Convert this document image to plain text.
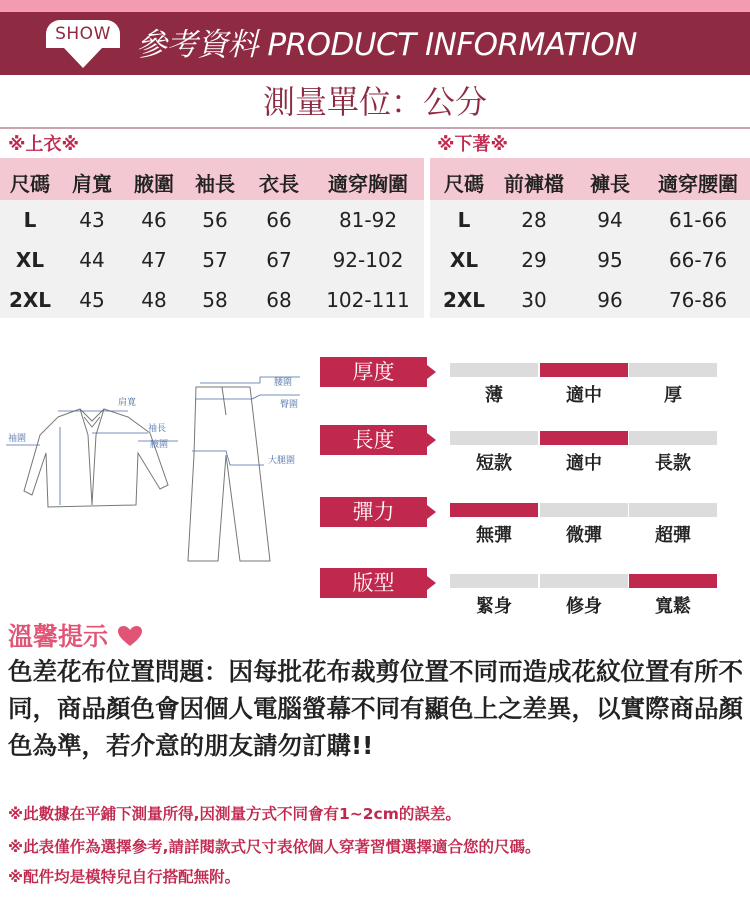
SHOW 參考資料 PRODUCT INFORMATION
測量單位：公分
※上衣※	※下著※
尺碼	肩寬	腋圍	袖長	衣長	適穿胸圍
L	43	46	56	66	81-92
XL	44	47	57	67	92-102
2XL	45	48	58	68	102-111
尺碼	前褲檔	褲長	適穿腰圍
L	28	94	61-66
XL	29	95	66-76
2XL	30	96	76-86
肩寬
袖圍
袖長
腋圍
腰圍
臀圍
大腿圍
厚度
薄	適中	厚
長度
短款	適中	長款
彈力
無彈	微彈	超彈
版型
緊身	修身	寬鬆
溫馨提示
色差花布位置問題：因每批花布裁剪位置不同而造成花紋位置有所不同，商品顏色會因個人電腦螢幕不同有顯色上之差異，以實際商品顏色為準，若介意的朋友請勿訂購!!
※此數據在平鋪下測量所得,因測量方式不同會有1~2cm的誤差。
※此表僅作為選擇參考,請詳閱款式尺寸表依個人穿著習慣選擇適合您的尺碼。
※配件均是模特兒自行搭配無附。
